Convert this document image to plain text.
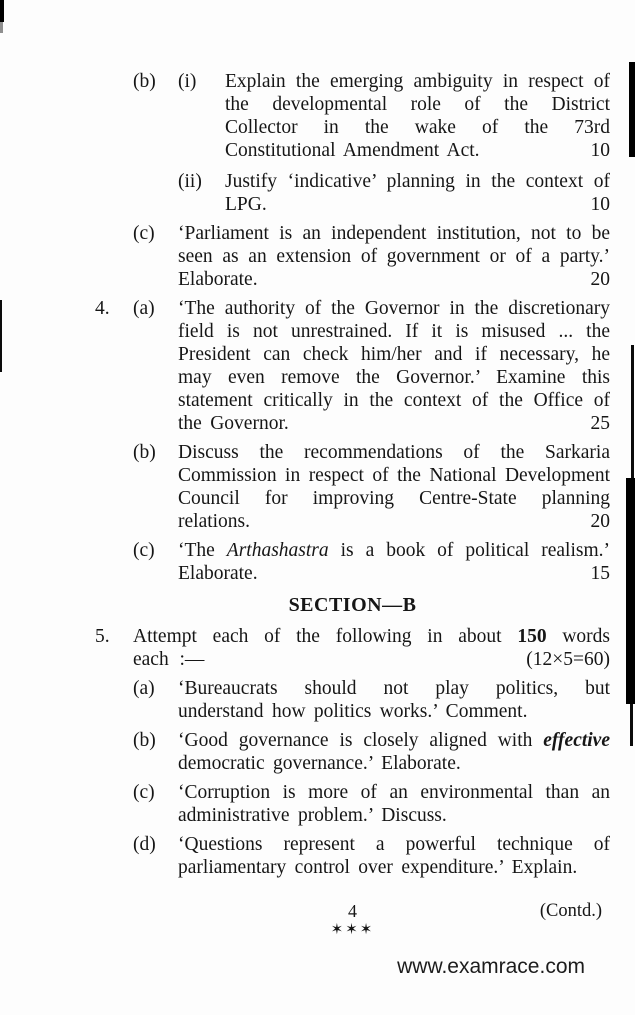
(b)	(i)	Explain the emerging ambiguity in respect of the developmental role of the District Collector in the wake of the 73rd Constitutional Amendment Act.	10

(ii)	Justify ‘indicative’ planning in the context of LPG.	10

(c)	‘Parliament is an independent institution, not to be seen as an extension of government or of a party.’ Elaborate.	20

4.	(a)	‘The authority of the Governor in the discretionary field is not unrestrained. If it is misused ... the President can check him/her and if necessary, he may even remove the Governor.’ Examine this statement critically in the context of the Office of the Governor.	25

(b)	Discuss the recommendations of the Sarkaria Commission in respect of the National Development Council for improving Centre-State planning relations.	20

(c)	‘The Arthashastra is a book of political realism.’ Elaborate.	15

SECTION—B
5.	Attempt each of the following in about 150 words each :—	(12×5=60)

(a)	‘Bureaucrats should not play politics, but understand how politics works.’ Comment.

(b)	‘Good governance is closely aligned with effective democratic governance.’ Elaborate.

(c)	‘Corruption is more of an environmental than an administrative problem.’ Discuss.

(d)	‘Questions represent a powerful technique of parliamentary control over expenditure.’ Explain.

4	(Contd.)
✶✶✶
www.examrace.com
